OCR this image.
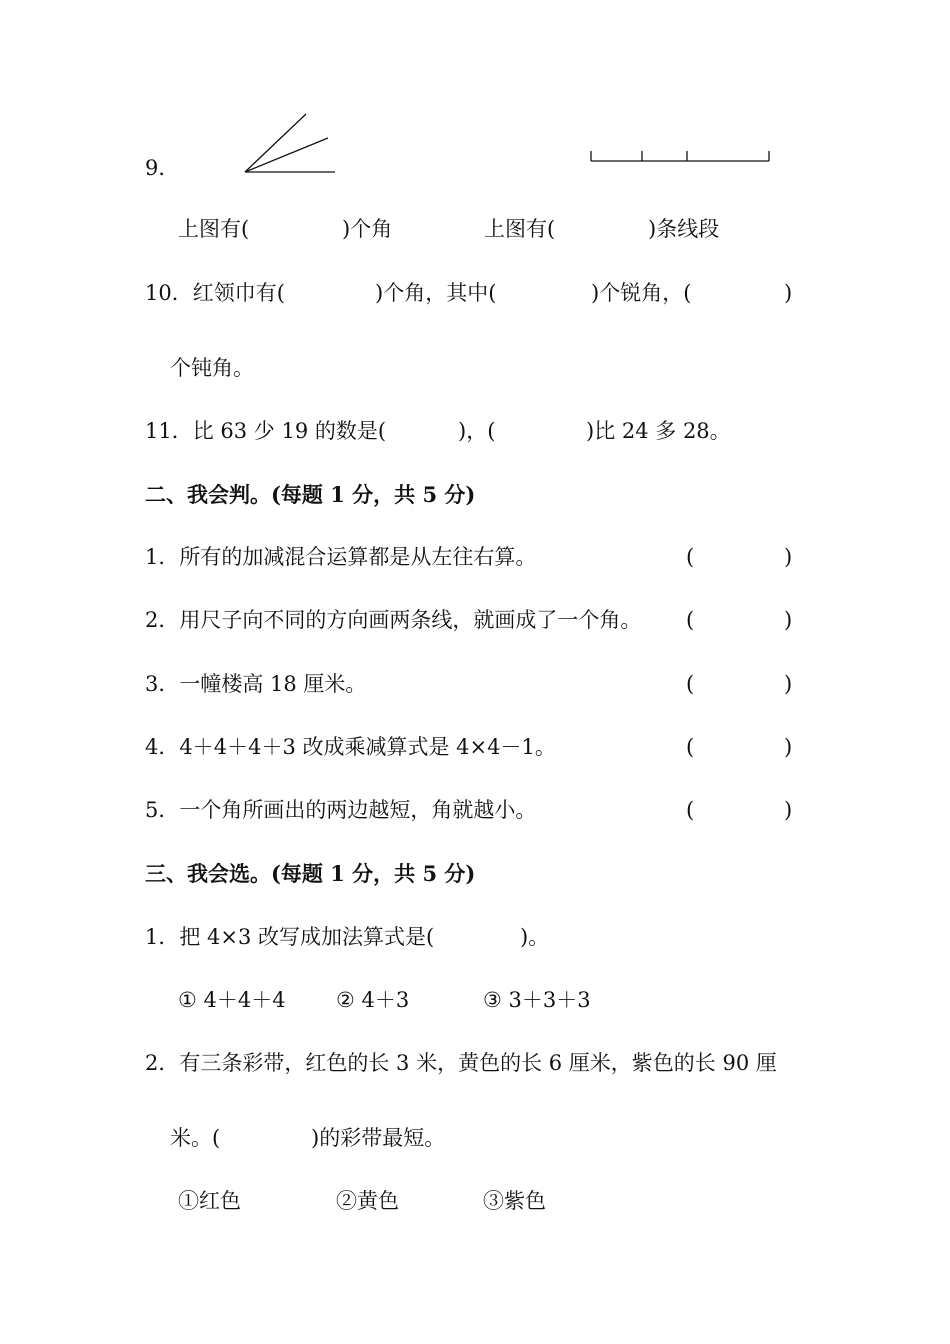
9．
上图有(	)个角	上图有(	)条线段
10．红领巾有(	)个角，其中(	)个锐角，(	)
个钝角。
11．比 63 少 19 的数是(	)，(	)比 24 多 28。
二、我会判。(每题 1 分，共 5 分)
1．所有的加减混合运算都是从左往右算。	(	)
2．用尺子向不同的方向画两条线，就画成了一个角。 (	)
3．一幢楼高 18 厘米。	(	)
4．4＋4＋4＋3 改成乘减算式是 4×4－1。	(	)
5．一个角所画出的两边越短，角就越小。	(	)
三、我会选。(每题 1 分，共 5 分)
1．把 4×3 改写成加法算式是(	)。
① 4＋4＋4 ② 4＋3	③ 3＋3＋3
2．有三条彩带，红色的长 3 米，黄色的长 6 厘米，紫色的长 90 厘
米。(	)的彩带最短。
①红色	②黄色	③紫色
